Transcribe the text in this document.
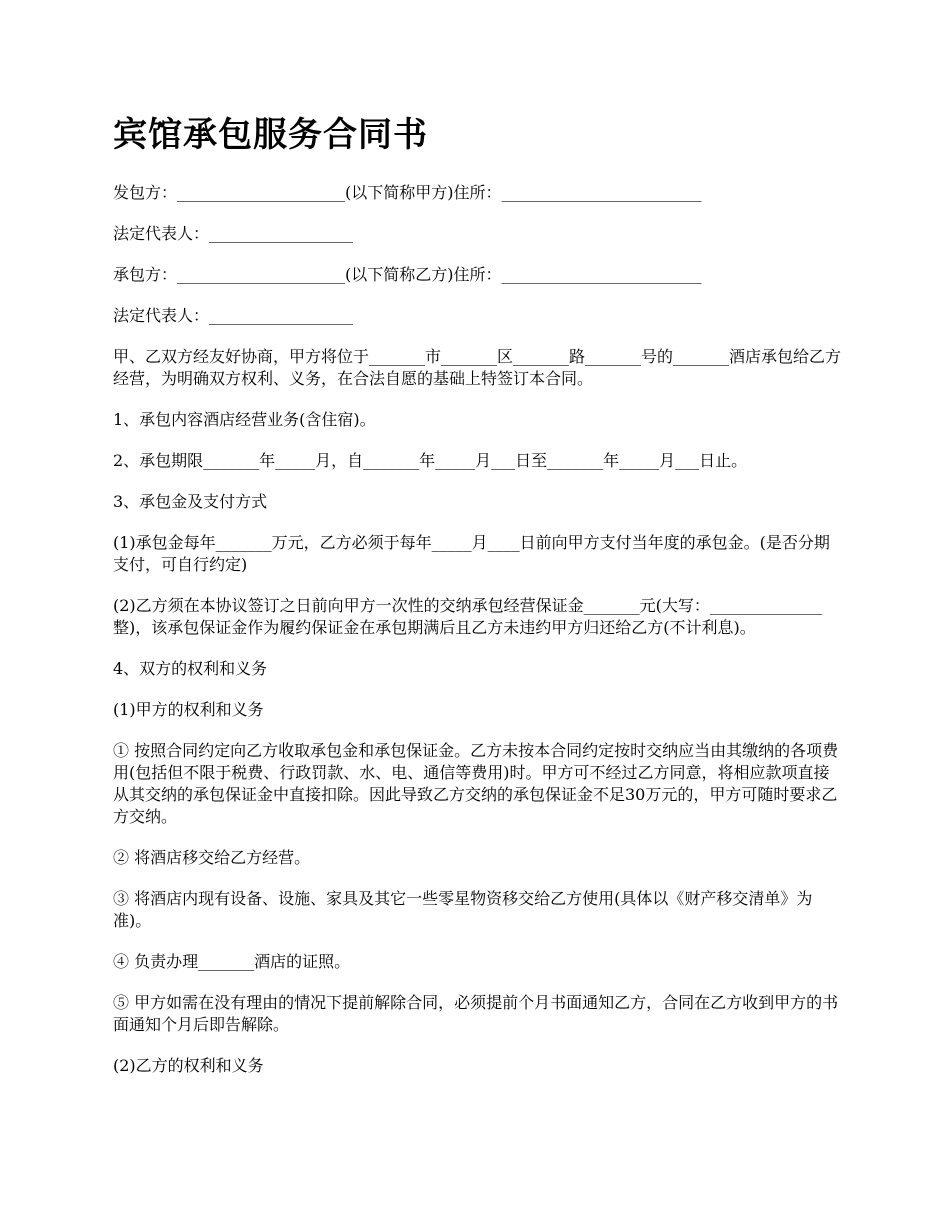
宾馆承包服务合同书

发包方：_____________________(以下简称甲方)住所：_________________________

法定代表人：__________________

承包方：_____________________(以下简称乙方)住所：_________________________

法定代表人：__________________

甲、乙双方经友好协商，甲方将位于_______市_______区_______路_______号的_______酒店承包给乙方经营，为明确双方权利、义务，在合法自愿的基础上特签订本合同。

1、承包内容酒店经营业务(含住宿)。

2、承包期限_______年_____月，自_______年_____月___日至_______年_____月___日止。

3、承包金及支付方式

(1)承包金每年_______万元，乙方必须于每年_____月____日前向甲方支付当年度的承包金。(是否分期支付，可自行约定)

(2)乙方须在本协议签订之日前向甲方一次性的交纳承包经营保证金_______元(大写：______________整)，该承包保证金作为履约保证金在承包期满后且乙方未违约甲方归还给乙方(不计利息)。

4、双方的权利和义务

(1)甲方的权利和义务

① 按照合同约定向乙方收取承包金和承包保证金。乙方未按本合同约定按时交纳应当由其缴纳的各项费用(包括但不限于税费、行政罚款、水、电、通信等费用)时。甲方可不经过乙方同意，将相应款项直接从其交纳的承包保证金中直接扣除。因此导致乙方交纳的承包保证金不足30万元的，甲方可随时要求乙方交纳。

② 将酒店移交给乙方经营。

③ 将酒店内现有设备、设施、家具及其它一些零星物资移交给乙方使用(具体以《财产移交清单》为准)。

④ 负责办理_______酒店的证照。

⑤ 甲方如需在没有理由的情况下提前解除合同，必须提前个月书面通知乙方，合同在乙方收到甲方的书面通知个月后即告解除。

(2)乙方的权利和义务
